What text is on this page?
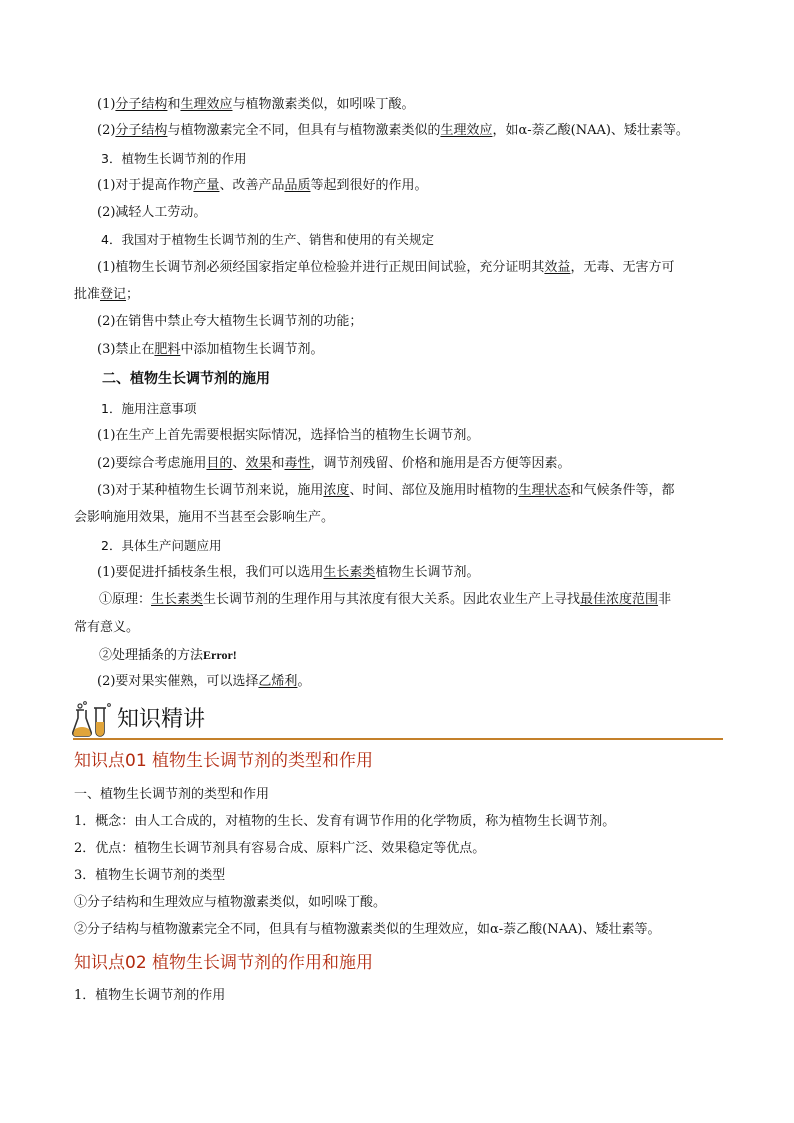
(1)分子结构和生理效应与植物激素类似，如吲哚丁酸。
(2)分子结构与植物激素完全不同，但具有与植物激素类似的生理效应，如α-萘乙酸(NAA)、矮壮素等。
3．植物生长调节剂的作用
(1)对于提高作物产量、改善产品品质等起到很好的作用。
(2)减轻人工劳动。
4．我国对于植物生长调节剂的生产、销售和使用的有关规定
(1)植物生长调节剂必须经国家指定单位检验并进行正规田间试验，充分证明其效益，无毒、无害方可
批准登记；
(2)在销售中禁止夸大植物生长调节剂的功能；
(3)禁止在肥料中添加植物生长调节剂。
二、植物生长调节剂的施用
1．施用注意事项
(1)在生产上首先需要根据实际情况，选择恰当的植物生长调节剂。
(2)要综合考虑施用目的、效果和毒性，调节剂残留、价格和施用是否方便等因素。
(3)对于某种植物生长调节剂来说，施用浓度、时间、部位及施用时植物的生理状态和气候条件等，都
会影响施用效果，施用不当甚至会影响生产。
2．具体生产问题应用
(1)要促进扦插枝条生根，我们可以选用生长素类植物生长调节剂。
①原理：生长素类生长调节剂的生理作用与其浓度有很大关系。因此农业生产上寻找最佳浓度范围非
常有意义。
②处理插条的方法Error!
(2)要对果实催熟，可以选择乙烯利。
知识精讲
知识点01 植物生长调节剂的类型和作用
一、植物生长调节剂的类型和作用
1．概念：由人工合成的，对植物的生长、发育有调节作用的化学物质，称为植物生长调节剂。
2．优点：植物生长调节剂具有容易合成、原料广泛、效果稳定等优点。
3．植物生长调节剂的类型
①分子结构和生理效应与植物激素类似，如吲哚丁酸。
②分子结构与植物激素完全不同，但具有与植物激素类似的生理效应，如α-萘乙酸(NAA)、矮壮素等。
知识点02 植物生长调节剂的作用和施用
1．植物生长调节剂的作用
